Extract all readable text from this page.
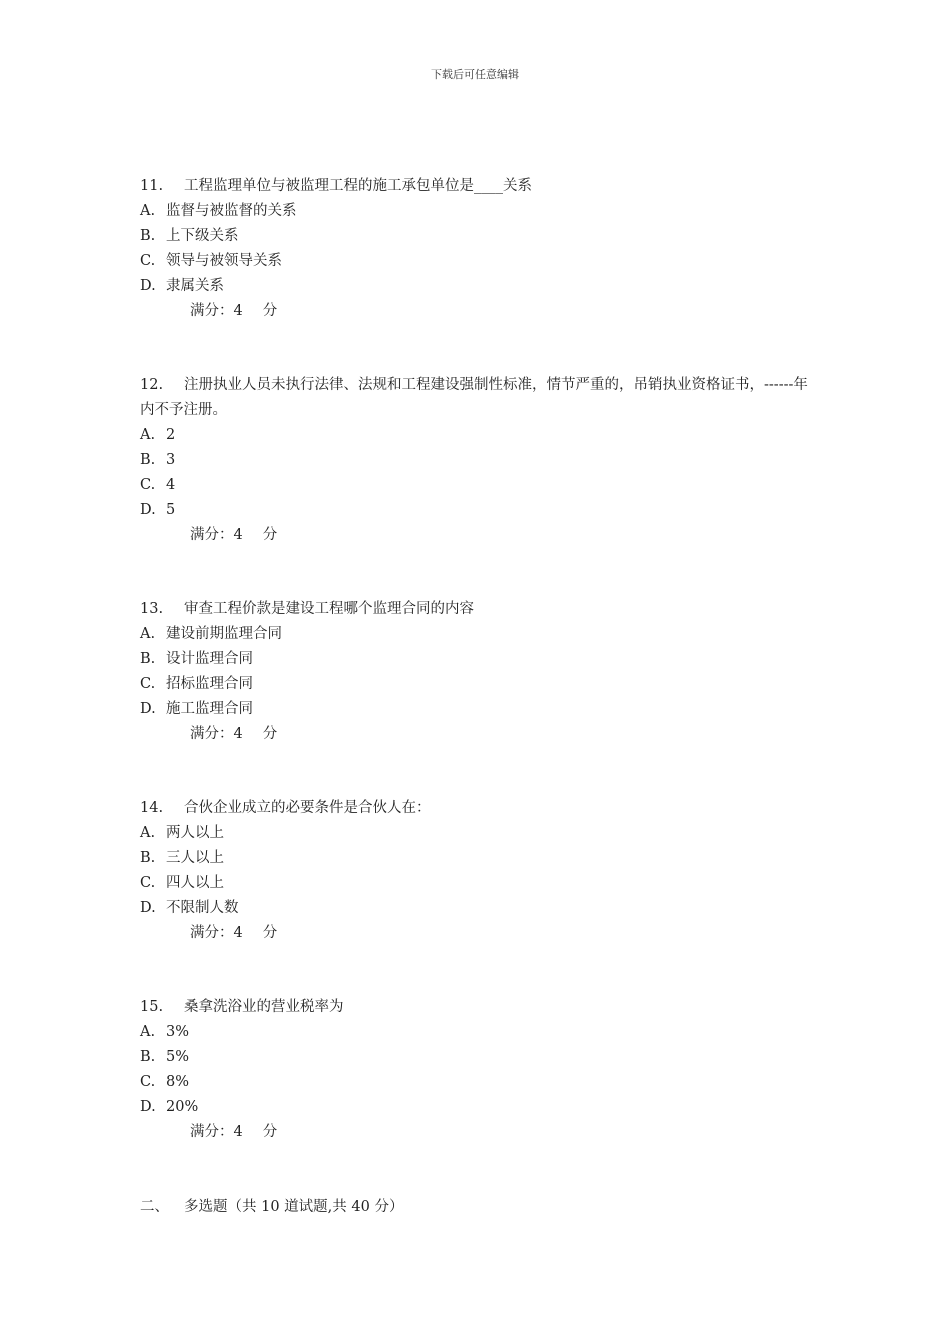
下载后可任意编辑
11. 工程监理单位与被监理工程的施工承包单位是____关系
A. 监督与被监督的关系
B. 上下级关系
C. 领导与被领导关系
D. 隶属关系
满分：4 分
12. 注册执业人员未执行法律、法规和工程建设强制性标准，情节严重的，吊销执业资格证书，------年内不予注册。
A. 2
B. 3
C. 4
D. 5
满分：4 分
13. 审查工程价款是建设工程哪个监理合同的内容
A. 建设前期监理合同
B. 设计监理合同
C. 招标监理合同
D. 施工监理合同
满分：4 分
14. 合伙企业成立的必要条件是合伙人在：
A. 两人以上
B. 三人以上
C. 四人以上
D. 不限制人数
满分：4 分
15. 桑拿洗浴业的营业税率为
A. 3%
B. 5%
C. 8%
D. 20%
满分：4 分
二、 多选题（共 10 道试题,共 40 分）
